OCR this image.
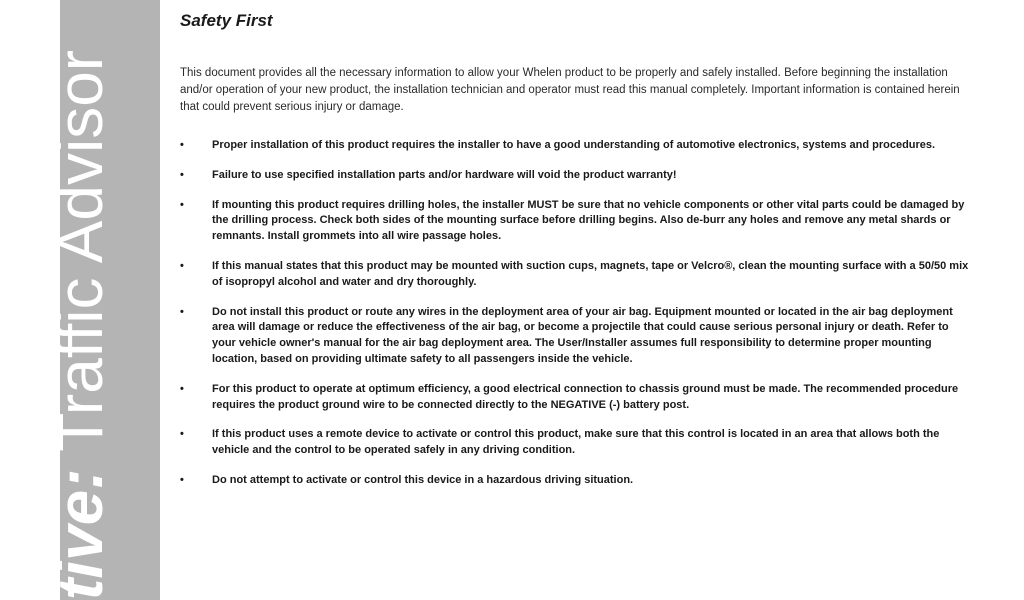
tive: Traffic Advisor
Safety First

This document provides all the necessary information to allow your Whelen product to be properly and safely installed. Before beginning the installation and/or operation of your new product, the installation technician and operator must read this manual completely. Important information is contained herein that could prevent serious injury or damage.

•	Proper installation of this product requires the installer to have a good understanding of automotive electronics, systems and procedures.
•	Failure to use specified installation parts and/or hardware will void the product warranty!
•	If mounting this product requires drilling holes, the installer MUST be sure that no vehicle components or other vital parts could be damaged by the drilling process. Check both sides of the mounting surface before drilling begins. Also de-burr any holes and remove any metal shards or remnants. Install grommets into all wire passage holes.
•	If this manual states that this product may be mounted with suction cups, magnets, tape or Velcro®, clean the mounting surface with a 50/50 mix of isopropyl alcohol and water and dry thoroughly.
•	Do not install this product or route any wires in the deployment area of your air bag. Equipment mounted or located in the air bag deployment area will damage or reduce the effectiveness of the air bag, or become a projectile that could cause serious personal injury or death. Refer to your vehicle owner's manual for the air bag deployment area. The User/Installer assumes full responsibility to determine proper mounting location, based on providing ultimate safety to all passengers inside the vehicle.
•	For this product to operate at optimum efficiency, a good electrical connection to chassis ground must be made. The recommended procedure requires the product ground wire to be connected directly to the NEGATIVE (-) battery post.
•	If this product uses a remote device to activate or control this product, make sure that this control is located in an area that allows both the vehicle and the control to be operated safely in any driving condition.
•	Do not attempt to activate or control this device in a hazardous driving situation.
